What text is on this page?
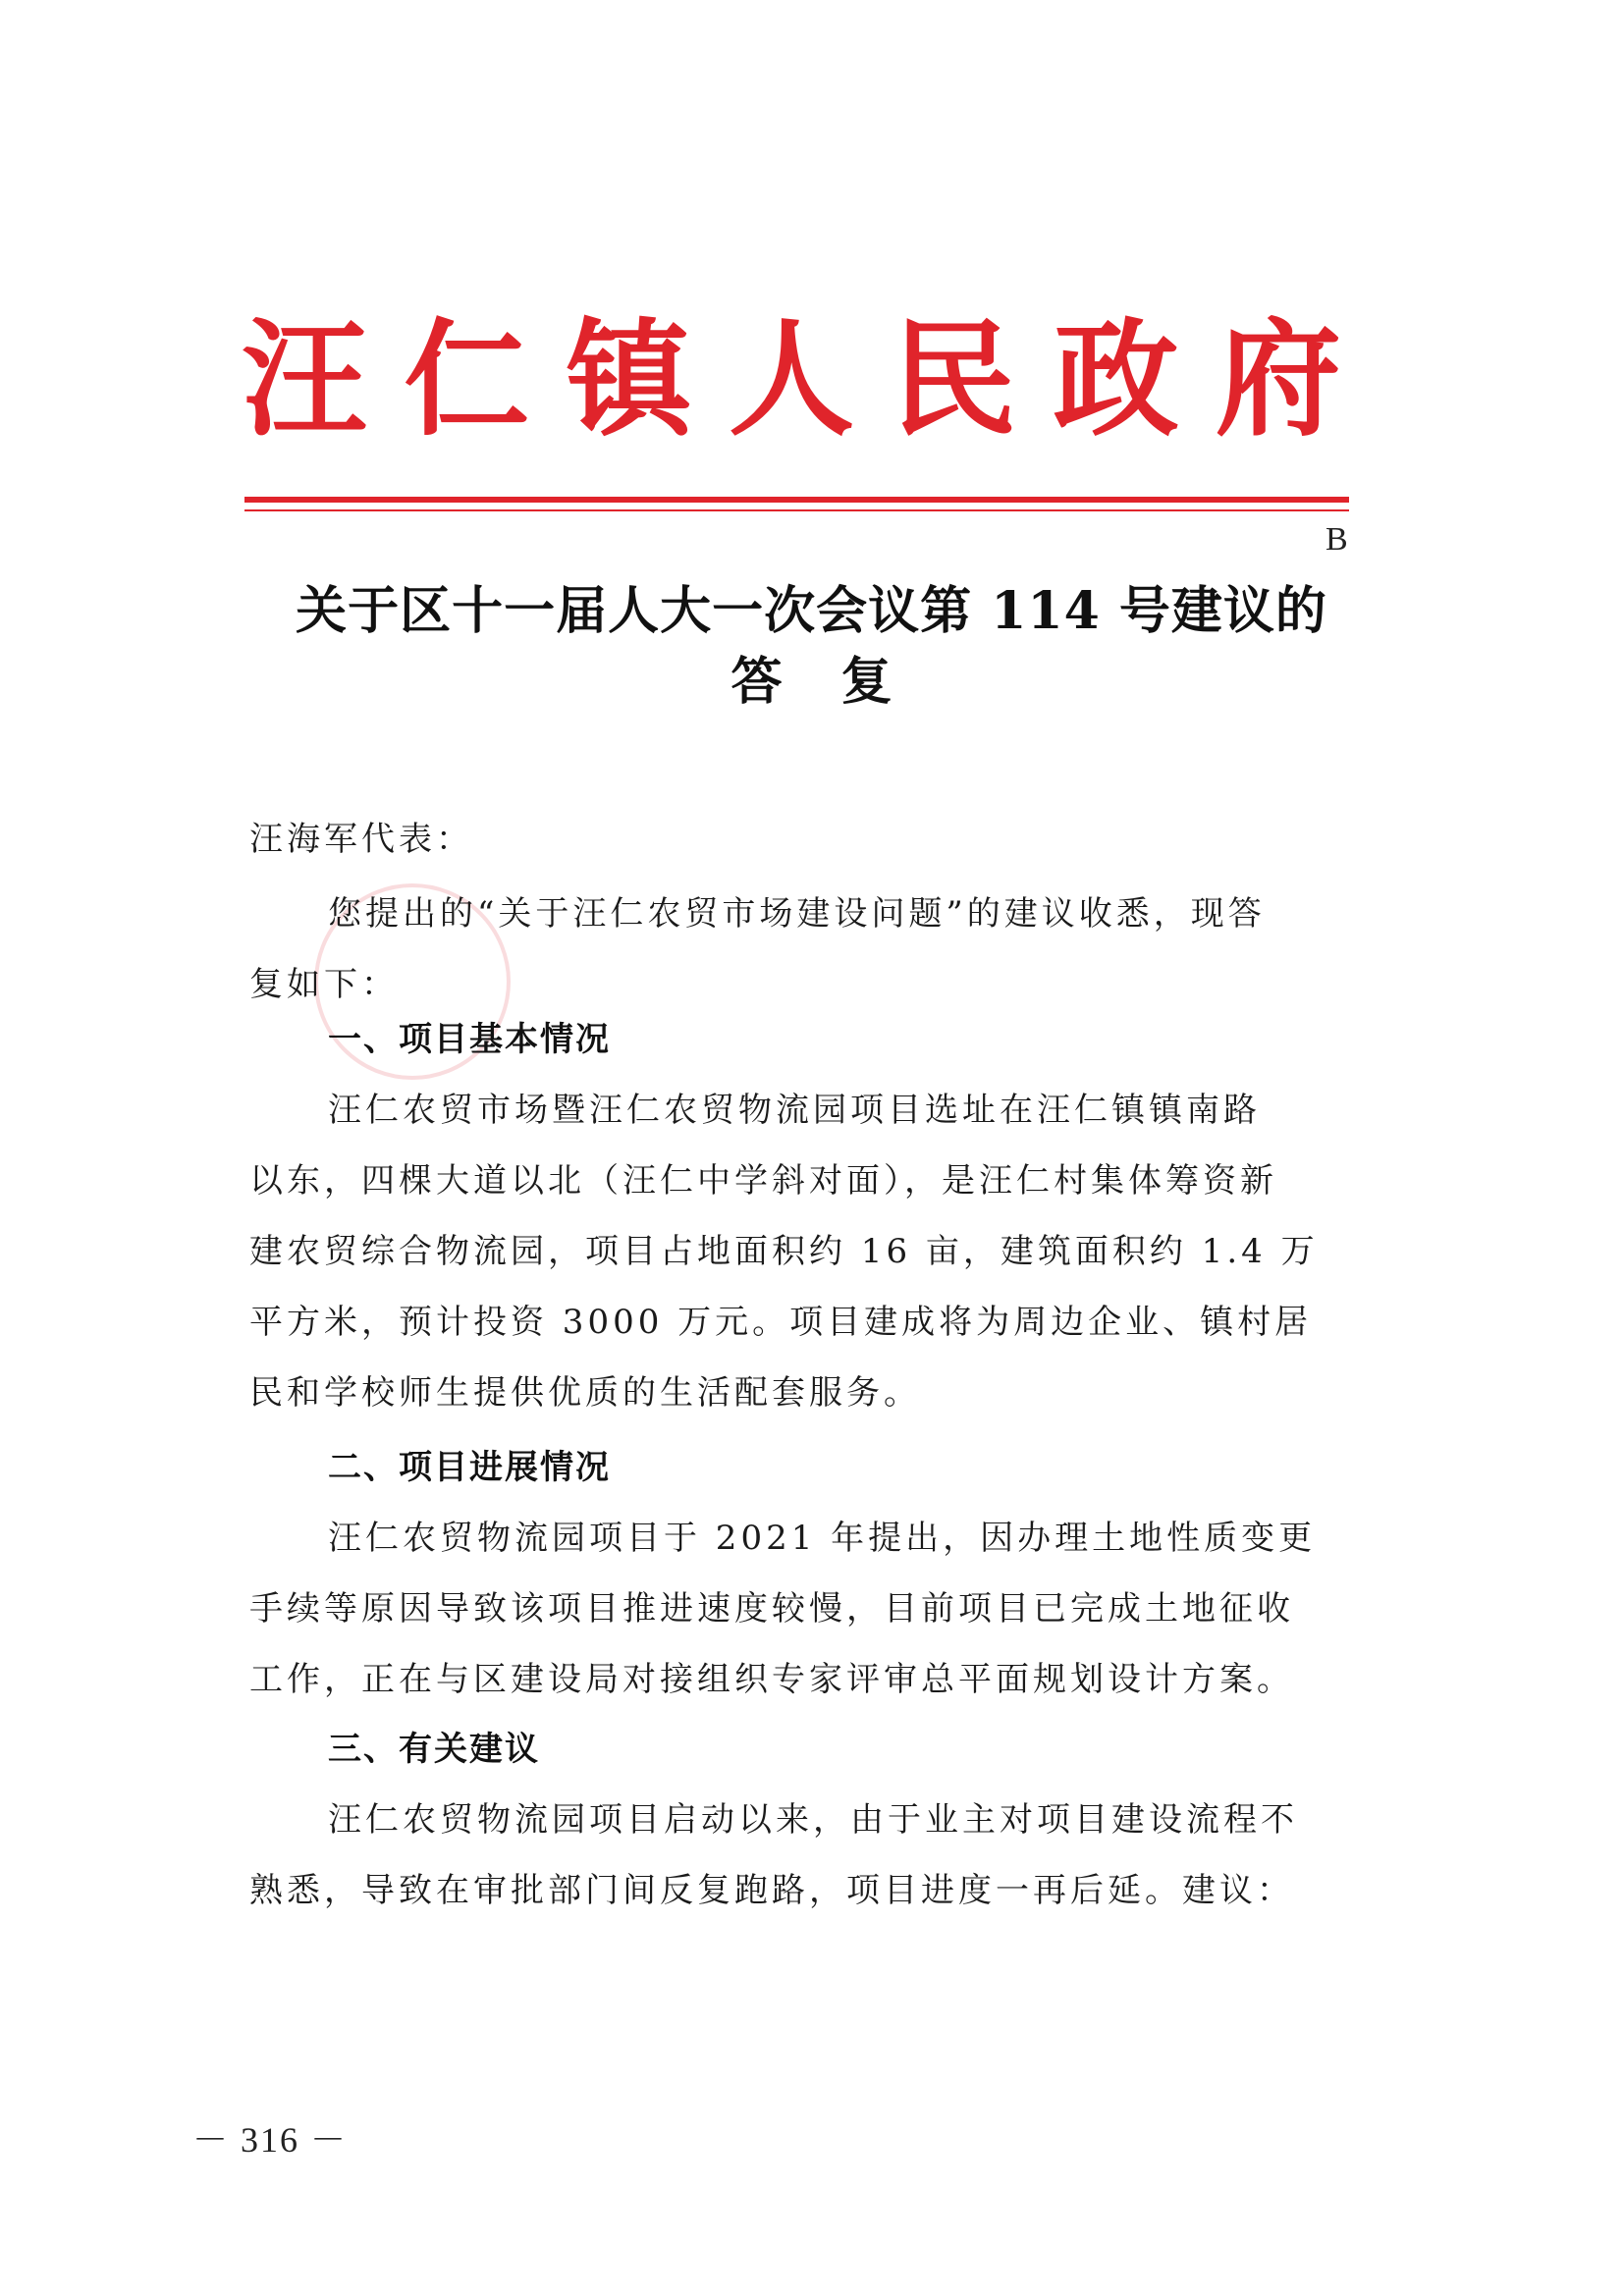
汪 仁 镇 人 民 政 府
B
关于区十一届人大一次会议第 114 号建议的
答 复
汪海军代表：
您提出的“关于汪仁农贸市场建设问题”的建议收悉，现答
复如下：
一、项目基本情况
汪仁农贸市场暨汪仁农贸物流园项目选址在汪仁镇镇南路
以东，四棵大道以北（汪仁中学斜对面），是汪仁村集体筹资新
建农贸综合物流园，项目占地面积约 16 亩，建筑面积约 1.4 万
平方米，预计投资 3000 万元。项目建成将为周边企业、镇村居
民和学校师生提供优质的生活配套服务。
二、项目进展情况
汪仁农贸物流园项目于 2021 年提出，因办理土地性质变更
手续等原因导致该项目推进速度较慢，目前项目已完成土地征收
工作，正在与区建设局对接组织专家评审总平面规划设计方案。
三、有关建议
汪仁农贸物流园项目启动以来，由于业主对项目建设流程不
熟悉，导致在审批部门间反复跑路，项目进度一再后延。建议：
－ 316 －
